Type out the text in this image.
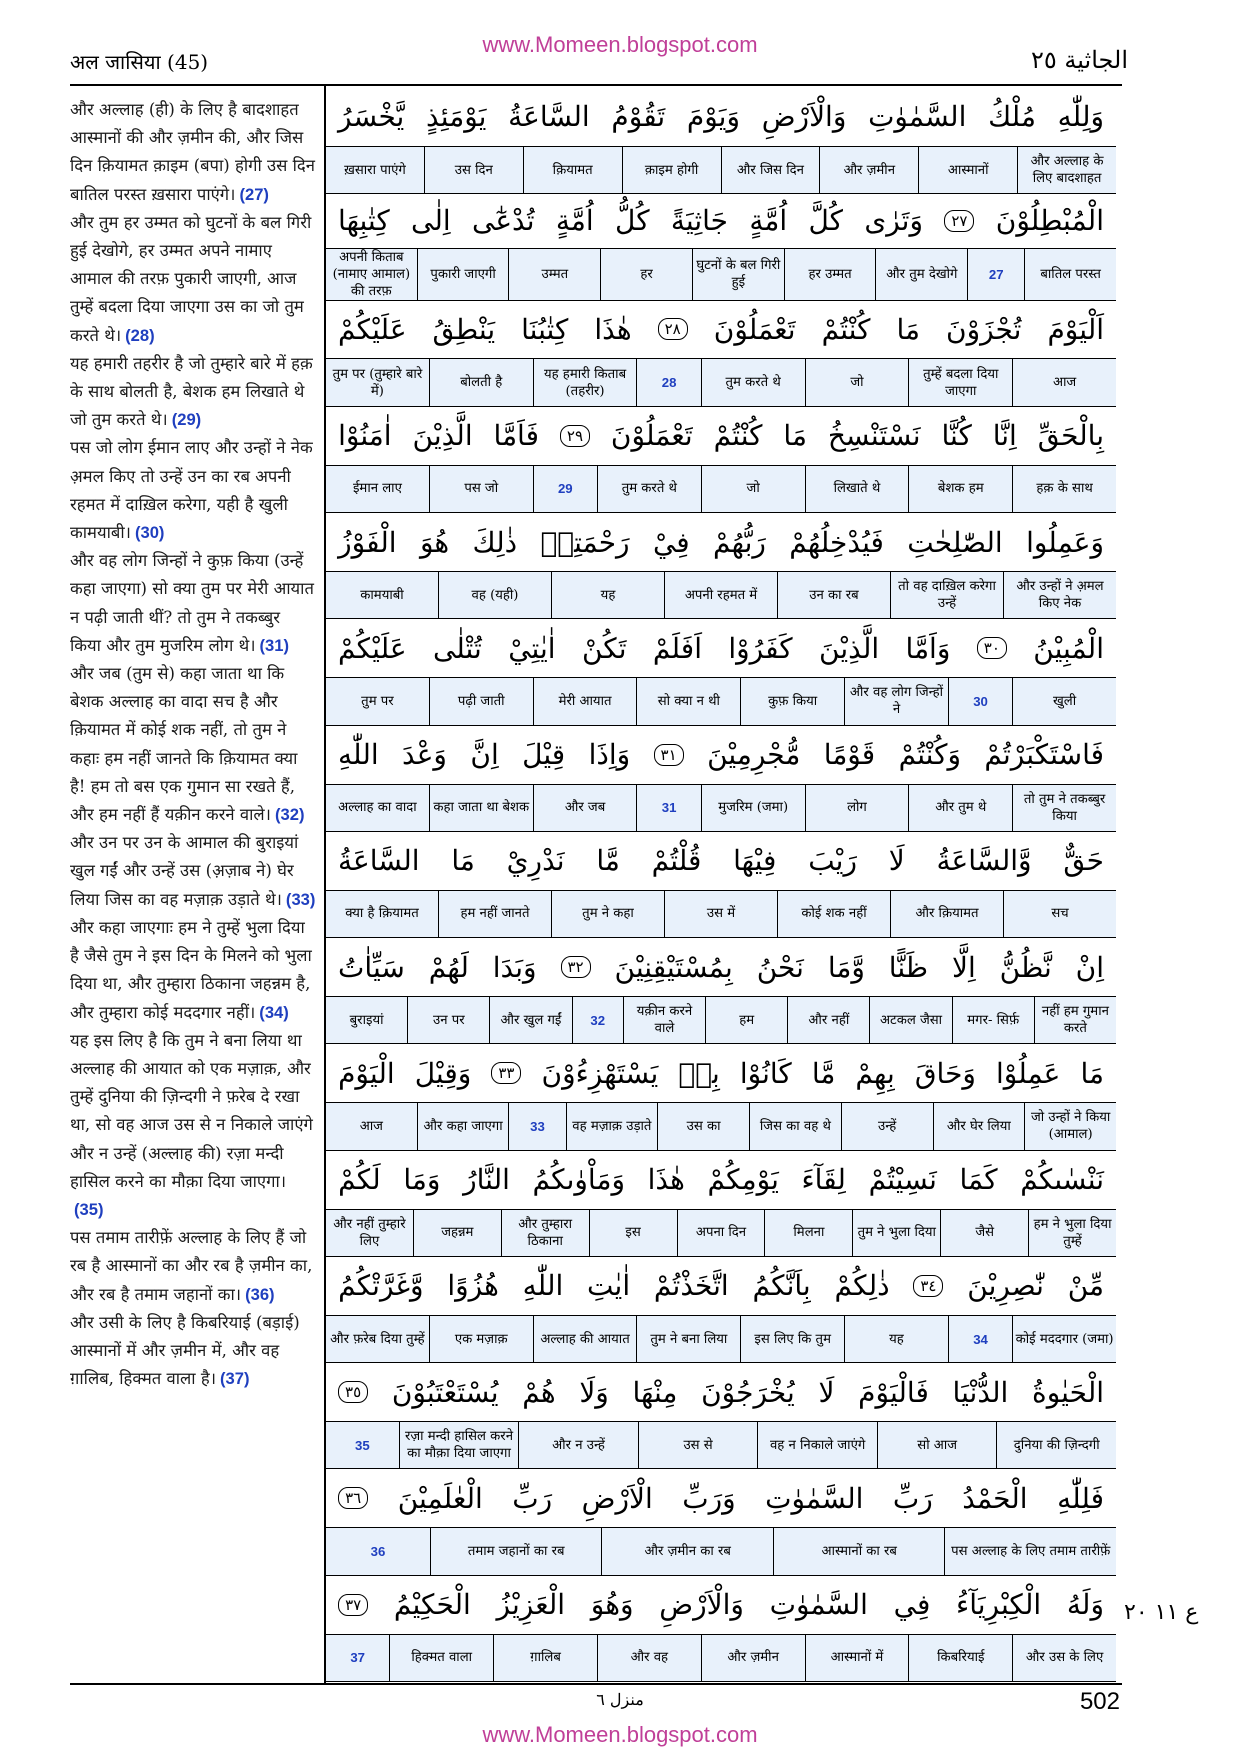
www.Momeen.blogspot.com
अल जासिया (45)	الجاثية ٢٥
और अल्लाह (ही) के लिए है बादशाहत आस्मानों की और ज़मीन की, और जिस दिन क़ियामत क़ाइम (बपा) होगी उस दिन बातिल परस्त ख़सारा पाएंगे। (27)
और तुम हर उम्मत को घुटनों के बल गिरी हुई देखोगे, हर उम्मत अपने नामाए आमाल की तरफ़ पुकारी जाएगी, आज तुम्हें बदला दिया जाएगा उस का जो तुम करते थे। (28)
यह हमारी तहरीर है जो तुम्हारे बारे में हक़ के साथ बोलती है, बेशक हम लिखाते थे जो तुम करते थे। (29)
पस जो लोग ईमान लाए और उन्हों ने नेक अ़मल किए तो उन्हें उन का रब अपनी रहमत में दाख़िल करेगा, यही है खुली कामयाबी। (30)
और वह लोग जिन्हों ने कुफ़ किया (उन्हें कहा जाएगा) सो क्या तुम पर मेरी आयात न पढ़ी जाती थीं? तो तुम ने तकब्बुर किया और तुम मुजरिम लोग थे। (31)
और जब (तुम से) कहा जाता था कि बेशक अल्लाह का वादा सच है और क़ियामत में कोई शक नहीं, तो तुम ने कहाः हम नहीं जानते कि क़ियामत क्या है! हम तो बस एक गुमान सा रखते हैं, और हम नहीं हैं यक़ीन करने वाले। (32)
और उन पर उन के आमाल की बुराइयां खुल गईं और उन्हें उस (अ़ज़ाब ने) घेर लिया जिस का वह मज़ाक़ उड़ाते थे। (33)
और कहा जाएगाः हम ने तुम्हें भुला दिया है जैसे तुम ने इस दिन के मिलने को भुला दिया था, और तुम्हारा ठिकाना जहन्नम है, और तुम्हारा कोई मददगार नहीं। (34)
यह इस लिए है कि तुम ने बना लिया था अल्लाह की आयात को एक मज़ाक़, और तुम्हें दुनिया की ज़िन्दगी ने फ़रेब दे रखा था, सो वह आज उस से न निकाले जाएंगे और न उन्हें (अल्लाह की) रज़ा मन्दी हासिल करने का मौक़ा दिया जाएगा।(35)
पस तमाम तारीफ़ें अल्लाह के लिए हैं जो रब है आस्मानों का और रब है ज़मीन का, और रब है तमाम जहानों का। (36)
और उसी के लिए है किबरियाई (बड़ाई) आस्मानों में और ज़मीन में, और वह ग़ालिब, हिक्मत वाला है। (37)

وَلِلّٰهِ
مُلْكُ
السَّمٰوٰتِ
وَالْاَرْضِ
وَيَوْمَ
تَقُوْمُ
السَّاعَةُ
يَوْمَئِذٍ
يَّخْسَرُ
और अल्लाह के लिए बादशाहत
आस्मानों
और ज़मीन
और जिस दिन
क़ाइम होगी
क़ियामत
उस दिन
ख़सारा पाएंगे
الْمُبْطِلُوْنَ
٢٧
وَتَرٰى
كُلَّ
اُمَّةٍ
جَاثِيَةً
كُلُّ
اُمَّةٍ
تُدْعٰٓى
اِلٰى
كِتٰبِهَا
बातिल परस्त
27
और तुम देखोगे
हर उम्मत
घुटनों के बल गिरी हुई
हर
उम्मत
पुकारी जाएगी
अपनी किताब (नामाए आमाल) की तरफ़
اَلْيَوْمَ
تُجْزَوْنَ
مَا
كُنْتُمْ
تَعْمَلُوْنَ
٢٨
هٰذَا
كِتٰبُنَا
يَنْطِقُ
عَلَيْكُمْ
आज
तुम्हें बदला दिया जाएगा
जो
तुम करते थे
28
यह हमारी किताब (तहरीर)
बोलती है
तुम पर (तुम्हारे बारे में)
بِالْحَقِّ
اِنَّا
كُنَّا
نَسْتَنْسِخُ
مَا
كُنْتُمْ
تَعْمَلُوْنَ
٢٩
فَاَمَّا
الَّذِيْنَ
اٰمَنُوْا
हक़ के साथ
बेशक हम
लिखाते थे
जो
तुम करते थे
29
पस जो
ईमान लाए
وَعَمِلُوا
الصّٰلِحٰتِ
فَيُدْخِلُهُمْ
رَبُّهُمْ
فِيْ
رَحْمَتِهٖ
ذٰلِكَ
هُوَ
الْفَوْزُ
और उन्हों ने अ़मल किए नेक
तो वह दाख़िल करेगा उन्हें
उन का रब
अपनी रहमत में
यह
वह (यही)
कामयाबी
الْمُبِيْنُ
٣٠
وَاَمَّا
الَّذِيْنَ
كَفَرُوْا
اَفَلَمْ
تَكُنْ
اٰيٰتِيْ
تُتْلٰى
عَلَيْكُمْ
खुली
30
और वह लोग जिन्हों ने
कुफ़ किया
सो क्या न थी
मेरी आयात
पढ़ी जाती
तुम पर
فَاسْتَكْبَرْتُمْ
وَكُنْتُمْ
قَوْمًا
مُّجْرِمِيْنَ
٣١
وَاِذَا
قِيْلَ
اِنَّ
وَعْدَ
اللّٰهِ
तो तुम ने तकब्बुर किया
और तुम थे
लोग
मुजरिम (जमा)
31
और जब
कहा जाता था बेशक
अल्लाह का वादा
حَقٌّ
وَّالسَّاعَةُ
لَا
رَيْبَ
فِيْهَا
قُلْتُمْ
مَّا
نَدْرِيْ
مَا
السَّاعَةُ
सच
और क़ियामत
कोई शक नहीं
उस में
तुम ने कहा
हम नहीं जानते
क्या है क़ियामत
اِنْ
نَّظُنُّ
اِلَّا
ظَنًّا
وَّمَا
نَحْنُ
بِمُسْتَيْقِنِيْنَ
٣٢
وَبَدَا
لَهُمْ
سَيِّاٰتُ
नहीं हम गुमान करते
मगर- सिर्फ़
अटकल जैसा
और नहीं
हम
यक़ीन करने वाले
32
और खुल गईं
उन पर
बुराइयां
مَا
عَمِلُوْا
وَحَاقَ
بِهِمْ
مَّا
كَانُوْا
بِهٖ
يَسْتَهْزِءُوْنَ
٣٣
وَقِيْلَ
الْيَوْمَ
जो उन्हों ने किया (आमाल)
और घेर लिया
उन्हें
जिस का वह थे
उस का
वह मज़ाक़ उड़ाते
33
और कहा जाएगा
आज
نَنْسٰىكُمْ
كَمَا
نَسِيْتُمْ
لِقَآءَ
يَوْمِكُمْ
هٰذَا
وَمَاْوٰىكُمُ
النَّارُ
وَمَا
لَكُمْ
हम ने भुला दिया तुम्हें
जैसे
तुम ने भुला दिया
मिलना
अपना दिन
इस
और तुम्हारा ठिकाना
जहन्नम
और नहीं तुम्हारे लिए
مِّنْ
نّٰصِرِيْنَ
٣٤
ذٰلِكُمْ
بِاَنَّكُمُ
اتَّخَذْتُمْ
اٰيٰتِ
اللّٰهِ
هُزُوًا
وَّغَرَّتْكُمُ
कोई मददगार (जमा)
34
यह
इस लिए कि तुम
तुम ने बना लिया
अल्लाह की आयात
एक मज़ाक़
और फ़रेब दिया तुम्हें
الْحَيٰوةُ
الدُّنْيَا
فَالْيَوْمَ
لَا
يُخْرَجُوْنَ
مِنْهَا
وَلَا
هُمْ
يُسْتَعْتَبُوْنَ
٣٥
दुनिया की ज़िन्दगी
सो आज
वह न निकाले जाएंगे
उस से
और न उन्हें
रज़ा मन्दी हासिल करने का मौक़ा दिया जाएगा
35
فَلِلّٰهِ
الْحَمْدُ
رَبِّ
السَّمٰوٰتِ
وَرَبِّ
الْاَرْضِ
رَبِّ
الْعٰلَمِيْنَ
٣٦
पस अल्लाह के लिए तमाम तारीफ़ें
आस्मानों का रब
और ज़मीन का रब
तमाम जहानों का रब
36
وَلَهُ
الْكِبْرِيَآءُ
فِي
السَّمٰوٰتِ
وَالْاَرْضِ
وَهُوَ
الْعَزِيْزُ
الْحَكِيْمُ
٣٧
और उस के लिए
किबरियाई
आस्मानों में
और ज़मीन
और वह
ग़ालिब
हिक्मत वाला
37
ع ١١ ٢٠
منزل ٦	502
www.Momeen.blogspot.com
